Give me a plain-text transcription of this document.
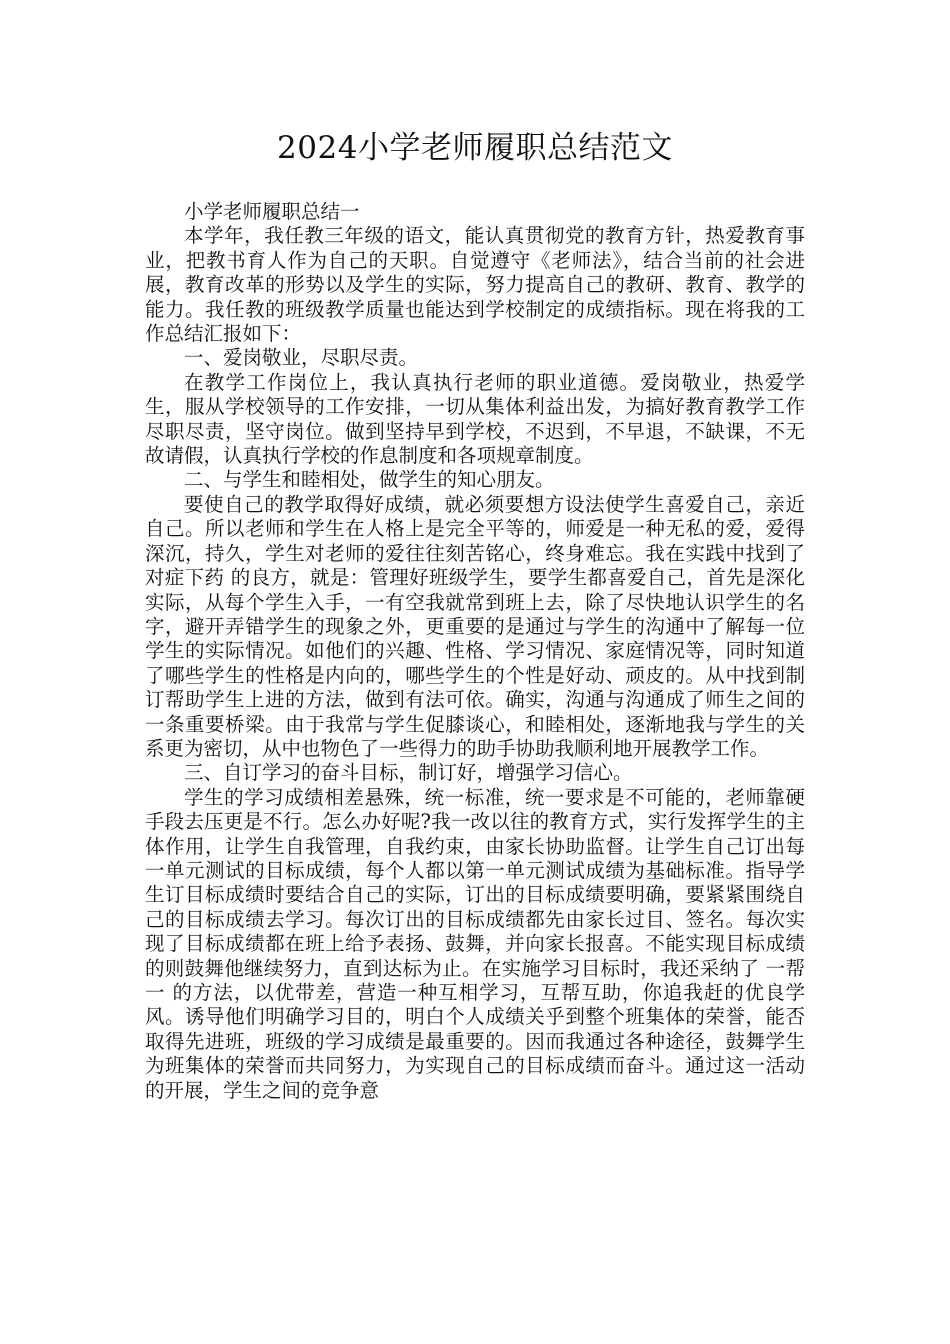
2024小学老师履职总结范文

小学老师履职总结一

本学年，我任教三年级的语文，能认真贯彻党的教育方针，热爱教育事业，把教书育人作为自己的天职。自觉遵守《老师法》，结合当前的社会进展，教育改革的形势以及学生的实际，努力提高自己的教研、教育、教学的能力。我任教的班级教学质量也能达到学校制定的成绩指标。现在将我的工作总结汇报如下：

一、爱岗敬业，尽职尽责。

在教学工作岗位上，我认真执行老师的职业道德。爱岗敬业，热爱学生，服从学校领导的工作安排，一切从集体利益出发，为搞好教育教学工作尽职尽责，坚守岗位。做到坚持早到学校，不迟到，不早退，不缺课，不无故请假，认真执行学校的作息制度和各项规章制度。

二、与学生和睦相处，做学生的知心朋友。

要使自己的教学取得好成绩，就必须要想方设法使学生喜爱自己，亲近自己。所以老师和学生在人格上是完全平等的，师爱是一种无私的爱，爱得深沉，持久，学生对老师的爱往往刻苦铭心，终身难忘。我在实践中找到了 对症下药 的良方，就是：管理好班级学生，要学生都喜爱自己，首先是深化实际，从每个学生入手，一有空我就常到班上去，除了尽快地认识学生的名字，避开弄错学生的现象之外，更重要的是通过与学生的沟通中了解每一位学生的实际情况。如他们的兴趣、性格、学习情况、家庭情况等，同时知道了哪些学生的性格是内向的，哪些学生的个性是好动、顽皮的。从中找到制订帮助学生上进的方法，做到有法可依。确实，沟通与沟通成了师生之间的一条重要桥梁。由于我常与学生促膝谈心，和睦相处，逐渐地我与学生的关系更为密切，从中也物色了一些得力的助手协助我顺利地开展教学工作。

三、自订学习的奋斗目标，制订好，增强学习信心。

学生的学习成绩相差悬殊，统一标准，统一要求是不可能的，老师靠硬手段去压更是不行。怎么办好呢?我一改以往的教育方式，实行发挥学生的主体作用，让学生自我管理，自我约束，由家长协助监督。让学生自己订出每一单元测试的目标成绩，每个人都以第一单元测试成绩为基础标准。指导学生订目标成绩时要结合自己的实际，订出的目标成绩要明确，要紧紧围绕自己的目标成绩去学习。每次订出的目标成绩都先由家长过目、签名。每次实现了目标成绩都在班上给予表扬、鼓舞，并向家长报喜。不能实现目标成绩的则鼓舞他继续努力，直到达标为止。在实施学习目标时，我还采纳了 一帮一 的方法，以优带差，营造一种互相学习，互帮互助，你追我赶的优良学风。诱导他们明确学习目的，明白个人成绩关乎到整个班集体的荣誉，能否取得先进班，班级的学习成绩是最重要的。因而我通过各种途径，鼓舞学生为班集体的荣誉而共同努力，为实现自己的目标成绩而奋斗。通过这一活动的开展，学生之间的竞争意
